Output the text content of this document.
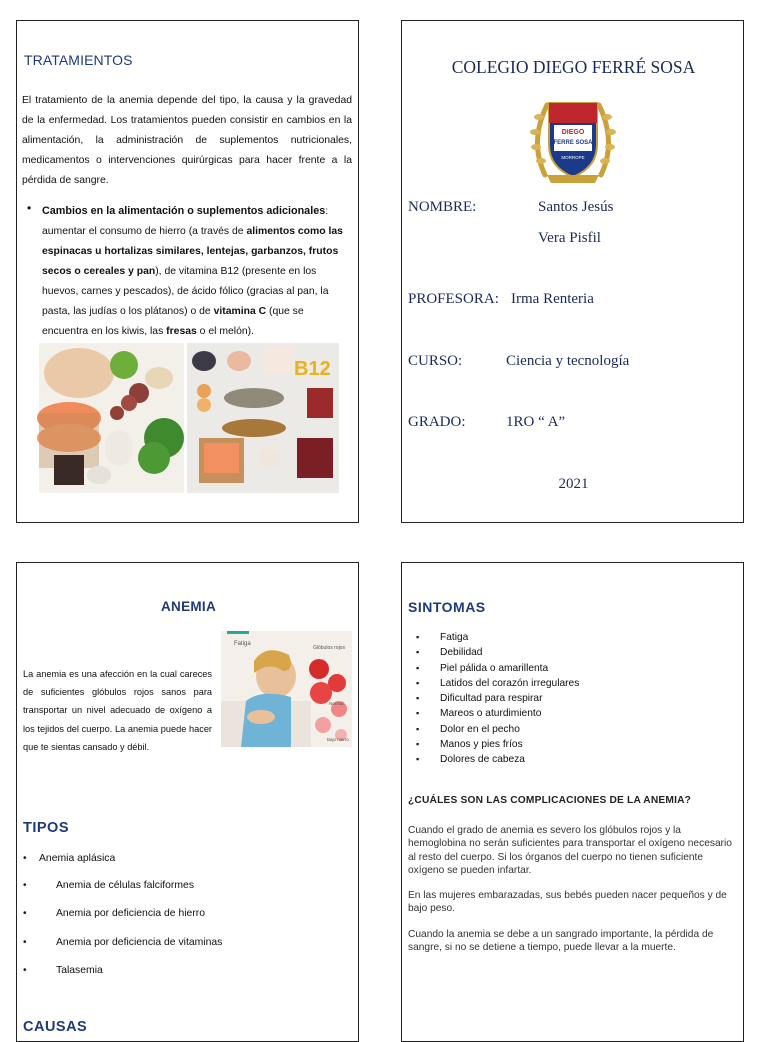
TRATAMIENTOS
El tratamiento de la anemia depende del tipo, la causa y la gravedad de la enfermedad. Los tratamientos pueden consistir en cambios en la alimentación, la administración de suplementos nutricionales, medicamentos o intervenciones quirúrgicas para hacer frente a la pérdida de sangre.
• Cambios en la alimentación o suplementos adicionales: aumentar el consumo de hierro (a través de alimentos como las espinacas u hortalizas similares, lentejas, garbanzos, frutos secos o cereales y pan), de vitamina B12 (presente en los huevos, carnes y pescados), de ácido fólico (gracias al pan, la pasta, las judías o los plátanos) o de vitamina C (que se encuentra en los kiwis, las fresas o el melón).
B12
COLEGIO DIEGO FERRÉ SOSA
DIEGO
FERRE SOSA
MORROPE
NOMBRE:	Santos Jesús
Vera Pisfil
PROFESORA: Irma Renteria
CURSO:	Ciencia y tecnología
GRADO:	1RO “ A”
2021
ANEMIA
La anemia es una afección en la cual careces de suficientes glóbulos rojos sanos para transportar un nivel adecuado de oxígeno a los tejidos del cuerpo. La anemia puede hacer que te sientas cansado y débil.
Fatiga
Glóbulos rojos
Normal
Bajo hierro
TIPOS
• Anemia aplásica
•	Anemia de células falciformes
•	Anemia por deficiencia de hierro
•	Anemia por deficiencia de vitaminas
•	Talasemia
CAUSAS
SINTOMAS
▪ Fatiga
▪ Debilidad
▪ Piel pálida o amarillenta
▪ Latidos del corazón irregulares
▪ Dificultad para respirar
▪ Mareos o aturdimiento
▪ Dolor en el pecho
▪ Manos y pies fríos
▪ Dolores de cabeza
¿CUÁLES SON LAS COMPLICACIONES DE LA ANEMIA?
Cuando el grado de anemia es severo los glóbulos rojos y la hemoglobina no serán suficientes para transportar el oxígeno necesario al resto del cuerpo. Si los órganos del cuerpo no tienen suficiente oxígeno se pueden infartar.
En las mujeres embarazadas, sus bebés pueden nacer pequeños y de bajo peso.
Cuando la anemia se debe a un sangrado importante, la pérdida de sangre, si no se detiene a tiempo, puede llevar a la muerte.
